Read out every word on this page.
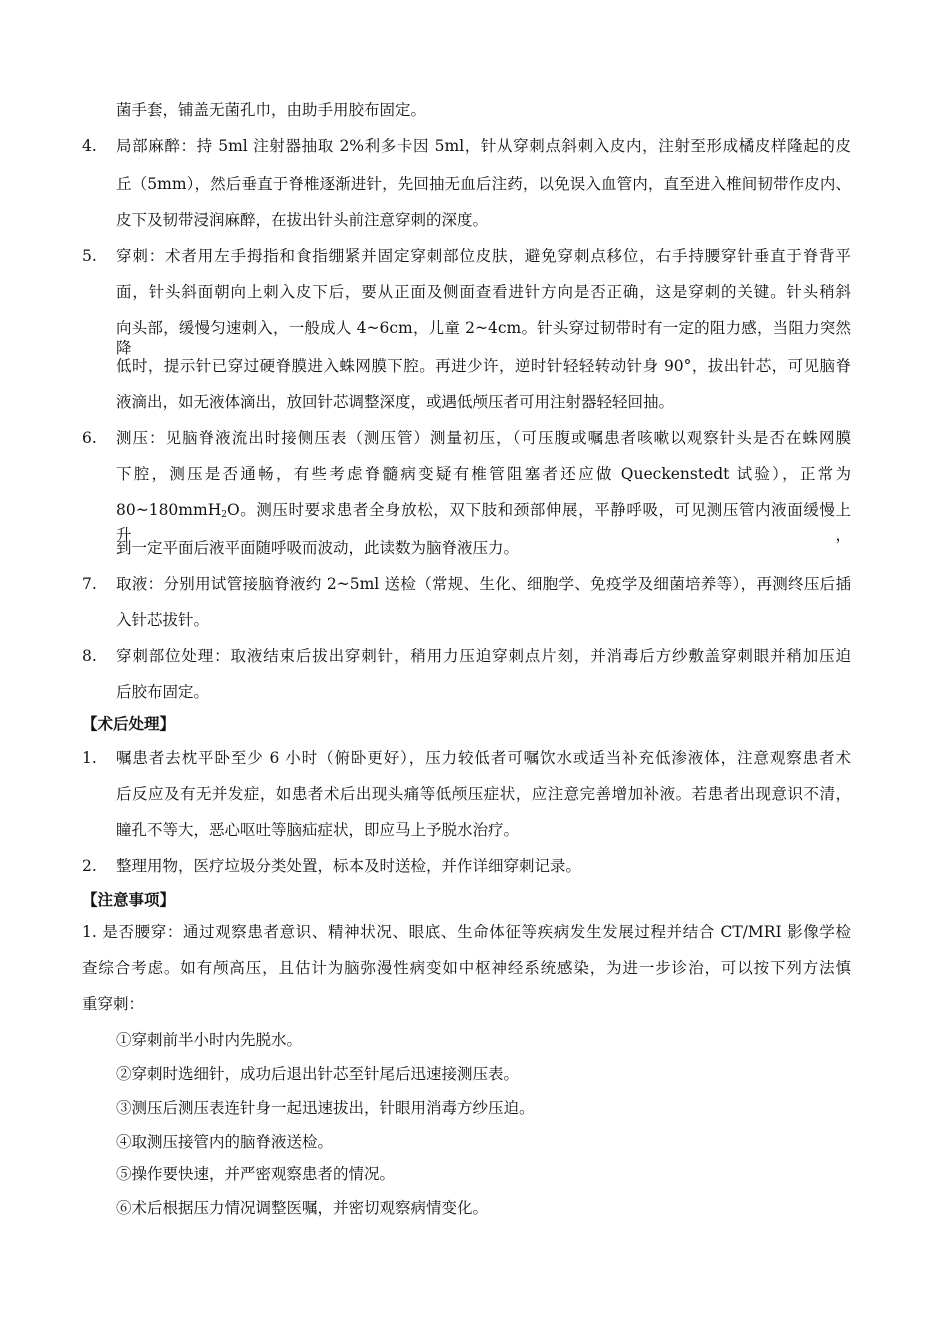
菌手套，铺盖无菌孔巾，由助手用胶布固定。
4. 局部麻醉：持 5ml 注射器抽取 2%利多卡因 5ml，针从穿刺点斜刺入皮内，注射至形成橘皮样隆起的皮
丘（5mm），然后垂直于脊椎逐渐进针，先回抽无血后注药，以免误入血管内，直至进入椎间韧带作皮内、
皮下及韧带浸润麻醉，在拔出针头前注意穿刺的深度。
5. 穿刺：术者用左手拇指和食指绷紧并固定穿刺部位皮肤，避免穿刺点移位，右手持腰穿针垂直于脊背平
面，针头斜面朝向上刺入皮下后，要从正面及侧面查看进针方向是否正确，这是穿刺的关键。针头稍斜
向头部，缓慢匀速刺入，一般成人 4~6cm，儿童 2~4cm。针头穿过韧带时有一定的阻力感，当阻力突然降
低时，提示针已穿过硬脊膜进入蛛网膜下腔。再进少许，逆时针轻轻转动针身 90°，拔出针芯，可见脑脊
液滴出，如无液体滴出，放回针芯调整深度，或遇低颅压者可用注射器轻轻回抽。
6. 测压：见脑脊液流出时接侧压表（测压管）测量初压，（可压腹或嘱患者咳嗽以观察针头是否在蛛网膜
下腔，测压是否通畅，有些考虑脊髓病变疑有椎管阻塞者还应做 Queckenstedt 试验），正常为
80~180mmH$_2$O。测压时要求患者全身放松，双下肢和颈部伸展，平静呼吸，可见测压管内液面缓慢上升，
到一定平面后液平面随呼吸而波动，此读数为脑脊液压力。
7. 取液：分别用试管接脑脊液约 2~5ml 送检（常规、生化、细胞学、免疫学及细菌培养等），再测终压后插
入针芯拔针。
8. 穿刺部位处理：取液结束后拔出穿刺针，稍用力压迫穿刺点片刻，并消毒后方纱敷盖穿刺眼并稍加压迫
后胶布固定。
【术后处理】
1. 嘱患者去枕平卧至少 6 小时（俯卧更好），压力较低者可嘱饮水或适当补充低渗液体，注意观察患者术
后反应及有无并发症，如患者术后出现头痛等低颅压症状，应注意完善增加补液。若患者出现意识不清，
瞳孔不等大，恶心呕吐等脑疝症状，即应马上予脱水治疗。
2. 整理用物，医疗垃圾分类处置，标本及时送检，并作详细穿刺记录。
【注意事项】
1. 是否腰穿：通过观察患者意识、精神状况、眼底、生命体征等疾病发生发展过程并结合 CT/MRI 影像学检
查综合考虑。如有颅高压，且估计为脑弥漫性病变如中枢神经系统感染，为进一步诊治，可以按下列方法慎
重穿刺：
①穿刺前半小时内先脱水。
②穿刺时选细针，成功后退出针芯至针尾后迅速接测压表。
③测压后测压表连针身一起迅速拔出，针眼用消毒方纱压迫。
④取测压接管内的脑脊液送检。
⑤操作要快速，并严密观察患者的情况。
⑥术后根据压力情况调整医嘱，并密切观察病情变化。
